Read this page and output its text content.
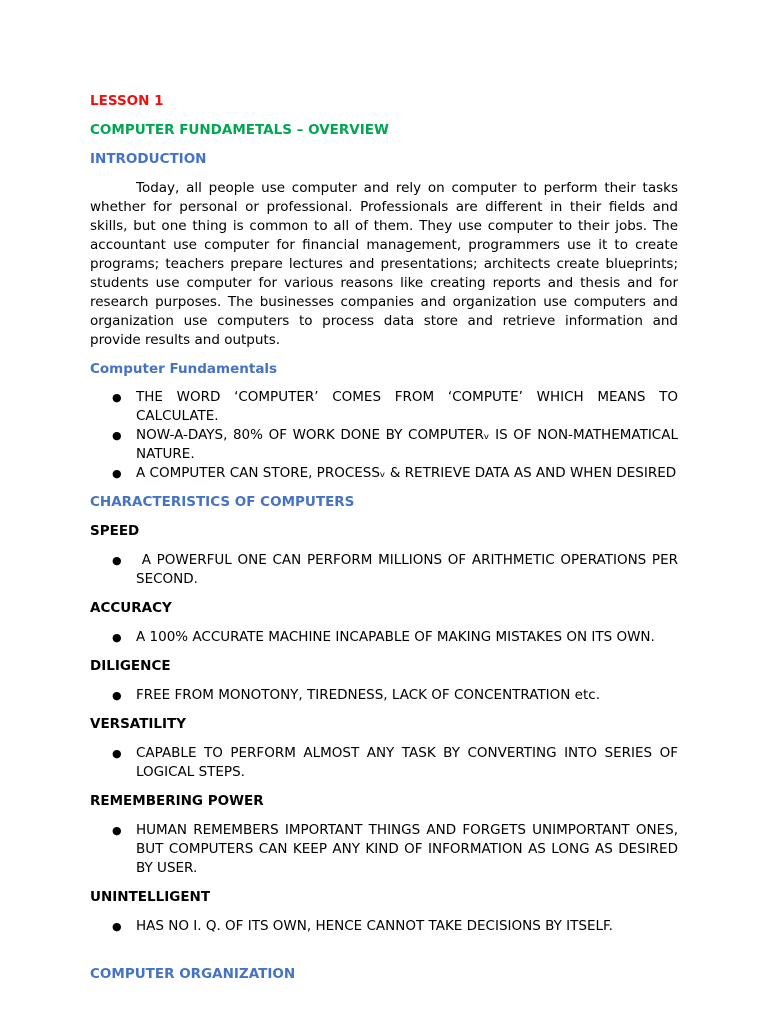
LESSON 1
COMPUTER FUNDAMETALS – OVERVIEW
INTRODUCTION

Today, all people use computer and rely on computer to perform their tasks whether for personal or professional. Professionals are different in their fields and skills, but one thing is common to all of them. They use computer to their jobs. The accountant use computer for financial management, programmers use it to create programs; teachers prepare lectures and presentations; architects create blueprints; students use computer for various reasons like creating reports and thesis and for research purposes. The businesses companies and organization use computers and organization use computers to process data store and retrieve information and provide results and outputs.

Computer Fundamentals
● THE WORD ‘COMPUTER’ COMES FROM ‘COMPUTE’ WHICH MEANS TO CALCULATE.
● NOW-A-DAYS, 80% OF WORK DONE BY COMPUTERᵥ IS OF NON-MATHEMATICAL NATURE.
● A COMPUTER CAN STORE, PROCESSᵥ & RETRIEVE DATA AS AND WHEN DESIRED
CHARACTERISTICS OF COMPUTERS
SPEED
● A POWERFUL ONE CAN PERFORM MILLIONS OF ARITHMETIC OPERATIONS PER SECOND.
ACCURACY
● A 100% ACCURATE MACHINE INCAPABLE OF MAKING MISTAKES ON ITS OWN.
DILIGENCE
● FREE FROM MONOTONY, TIREDNESS, LACK OF CONCENTRATION etc.
VERSATILITY
● CAPABLE TO PERFORM ALMOST ANY TASK BY CONVERTING INTO SERIES OF LOGICAL STEPS.
REMEMBERING POWER
● HUMAN REMEMBERS IMPORTANT THINGS AND FORGETS UNIMPORTANT ONES, BUT COMPUTERS CAN KEEP ANY KIND OF INFORMATION AS LONG AS DESIRED BY USER.
UNINTELLIGENT
● HAS NO I. Q. OF ITS OWN, HENCE CANNOT TAKE DECISIONS BY ITSELF.
COMPUTER ORGANIZATION
